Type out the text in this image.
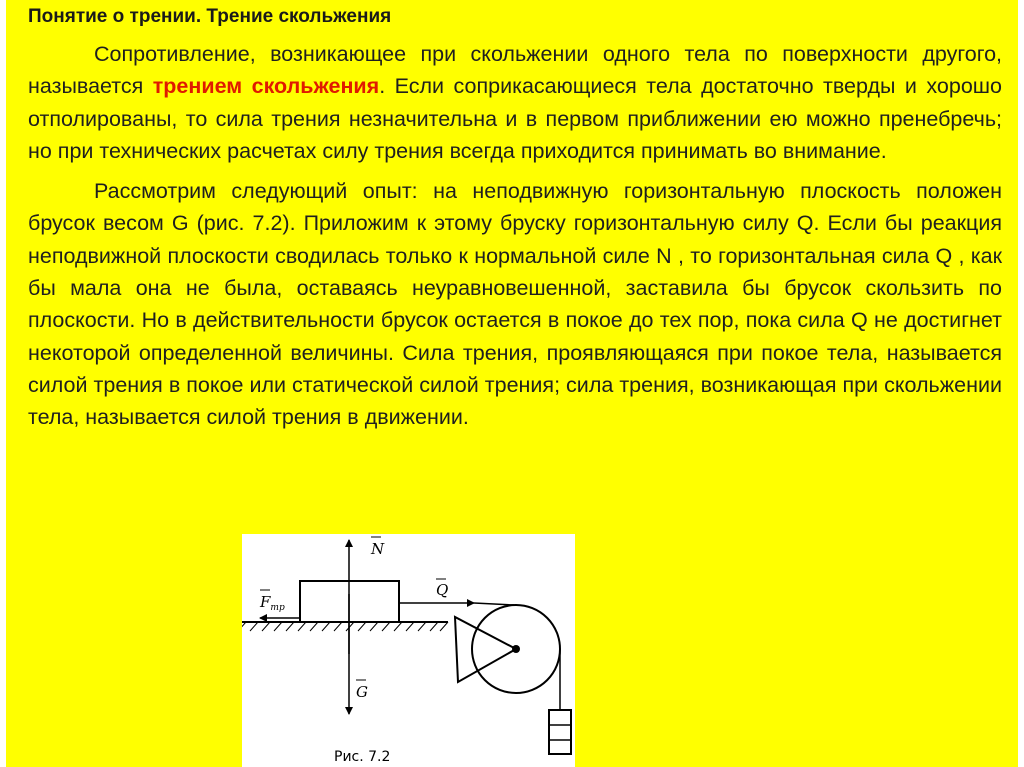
Понятие о трении. Трение скольжения

Сопротивление, возникающее при скольжении одного тела по поверхности другого, называется трением скольжения. Если соприкасающиеся тела достаточно тверды и хорошо отполированы, то сила трения незначительна и в первом приближении ею можно пренебречь; но при технических расчетах силу трения всегда приходится принимать во внимание.

Рассмотрим следующий опыт: на неподвижную горизонтальную плоскость положен брусок весом G (рис. 7.2). Приложим к этому бруску горизонтальную силу Q. Если бы реакция неподвижной плоскости сводилась только к нормальной силе N , то горизонтальная сила Q , как бы мала она не была, оставаясь неуравновешенной, заставила бы брусок скользить по плоскости. Но в действительности брусок остается в покое до тех пор, пока сила Q не достигнет некоторой определенной величины. Сила трения, проявляющаяся при покое тела, называется силой трения в покое или статической силой трения; сила трения, возникающая при скольжении тела, называется силой трения в движении.

N
Q
G
$F_{тр}$
Рис. 7.2
